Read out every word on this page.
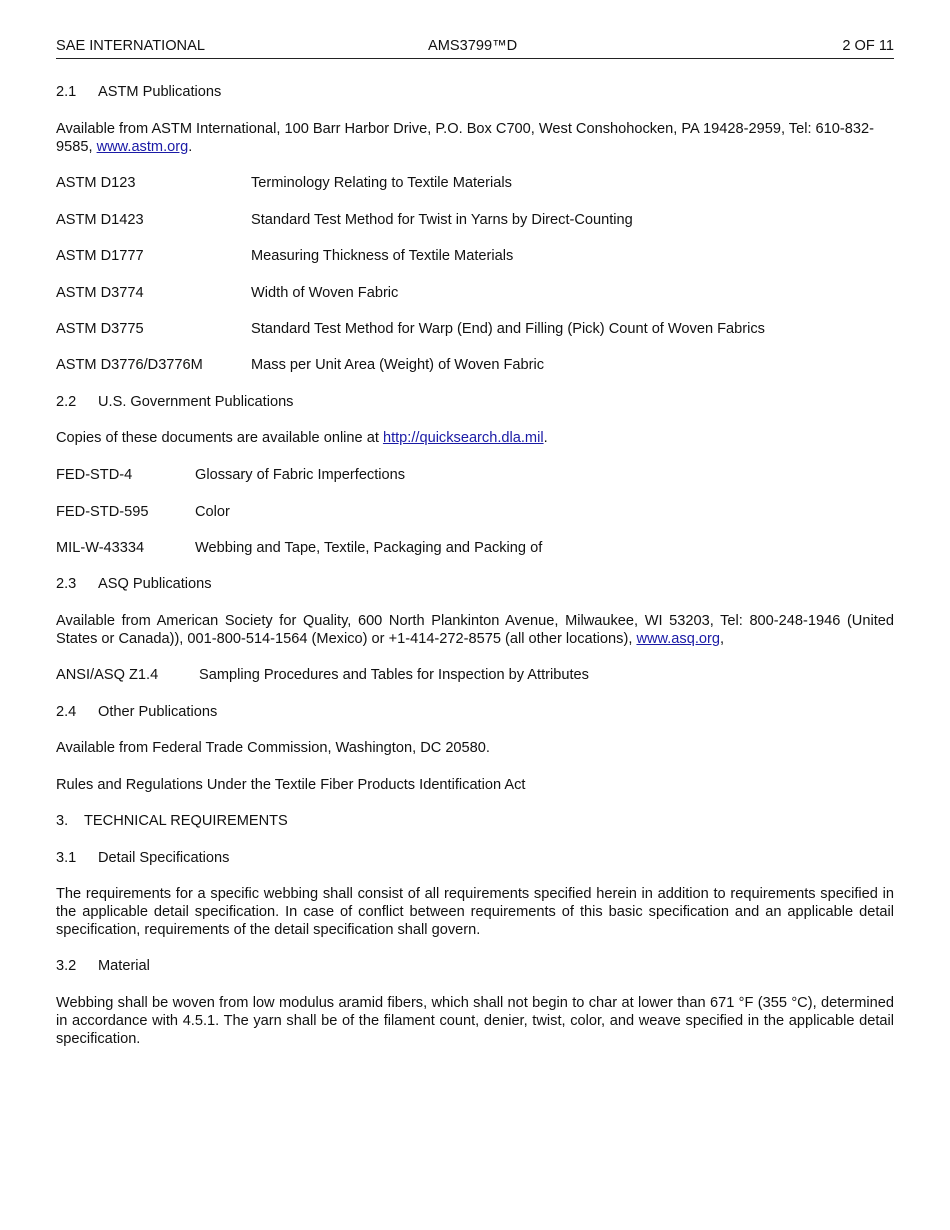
SAE INTERNATIONAL	AMS3799™D	2 OF 11
2.1 ASTM Publications
Available from ASTM International, 100 Barr Harbor Drive, P.O. Box C700, West Conshohocken, PA 19428-2959, Tel: 610-832-9585, www.astm.org.
ASTM D123	Terminology Relating to Textile Materials
ASTM D1423	Standard Test Method for Twist in Yarns by Direct-Counting
ASTM D1777	Measuring Thickness of Textile Materials
ASTM D3774	Width of Woven Fabric
ASTM D3775	Standard Test Method for Warp (End) and Filling (Pick) Count of Woven Fabrics
ASTM D3776/D3776M	Mass per Unit Area (Weight) of Woven Fabric
2.2 U.S. Government Publications
Copies of these documents are available online at http://quicksearch.dla.mil.
FED-STD-4	Glossary of Fabric Imperfections
FED-STD-595	Color
MIL-W-43334	Webbing and Tape, Textile, Packaging and Packing of
2.3 ASQ Publications
Available from American Society for Quality, 600 North Plankinton Avenue, Milwaukee, WI 53203, Tel: 800-248-1946 (United States or Canada)), 001-800-514-1564 (Mexico) or +1-414-272-8575 (all other locations), www.asq.org,
ANSI/ASQ Z1.4	Sampling Procedures and Tables for Inspection by Attributes
2.4 Other Publications
Available from Federal Trade Commission, Washington, DC 20580.
Rules and Regulations Under the Textile Fiber Products Identification Act
3. TECHNICAL REQUIREMENTS
3.1 Detail Specifications
The requirements for a specific webbing shall consist of all requirements specified herein in addition to requirements specified in the applicable detail specification. In case of conflict between requirements of this basic specification and an applicable detail specification, requirements of the detail specification shall govern.
3.2 Material
Webbing shall be woven from low modulus aramid fibers, which shall not begin to char at lower than 671 °F (355 °C), determined in accordance with 4.5.1. The yarn shall be of the filament count, denier, twist, color, and weave specified in the applicable detail specification.
